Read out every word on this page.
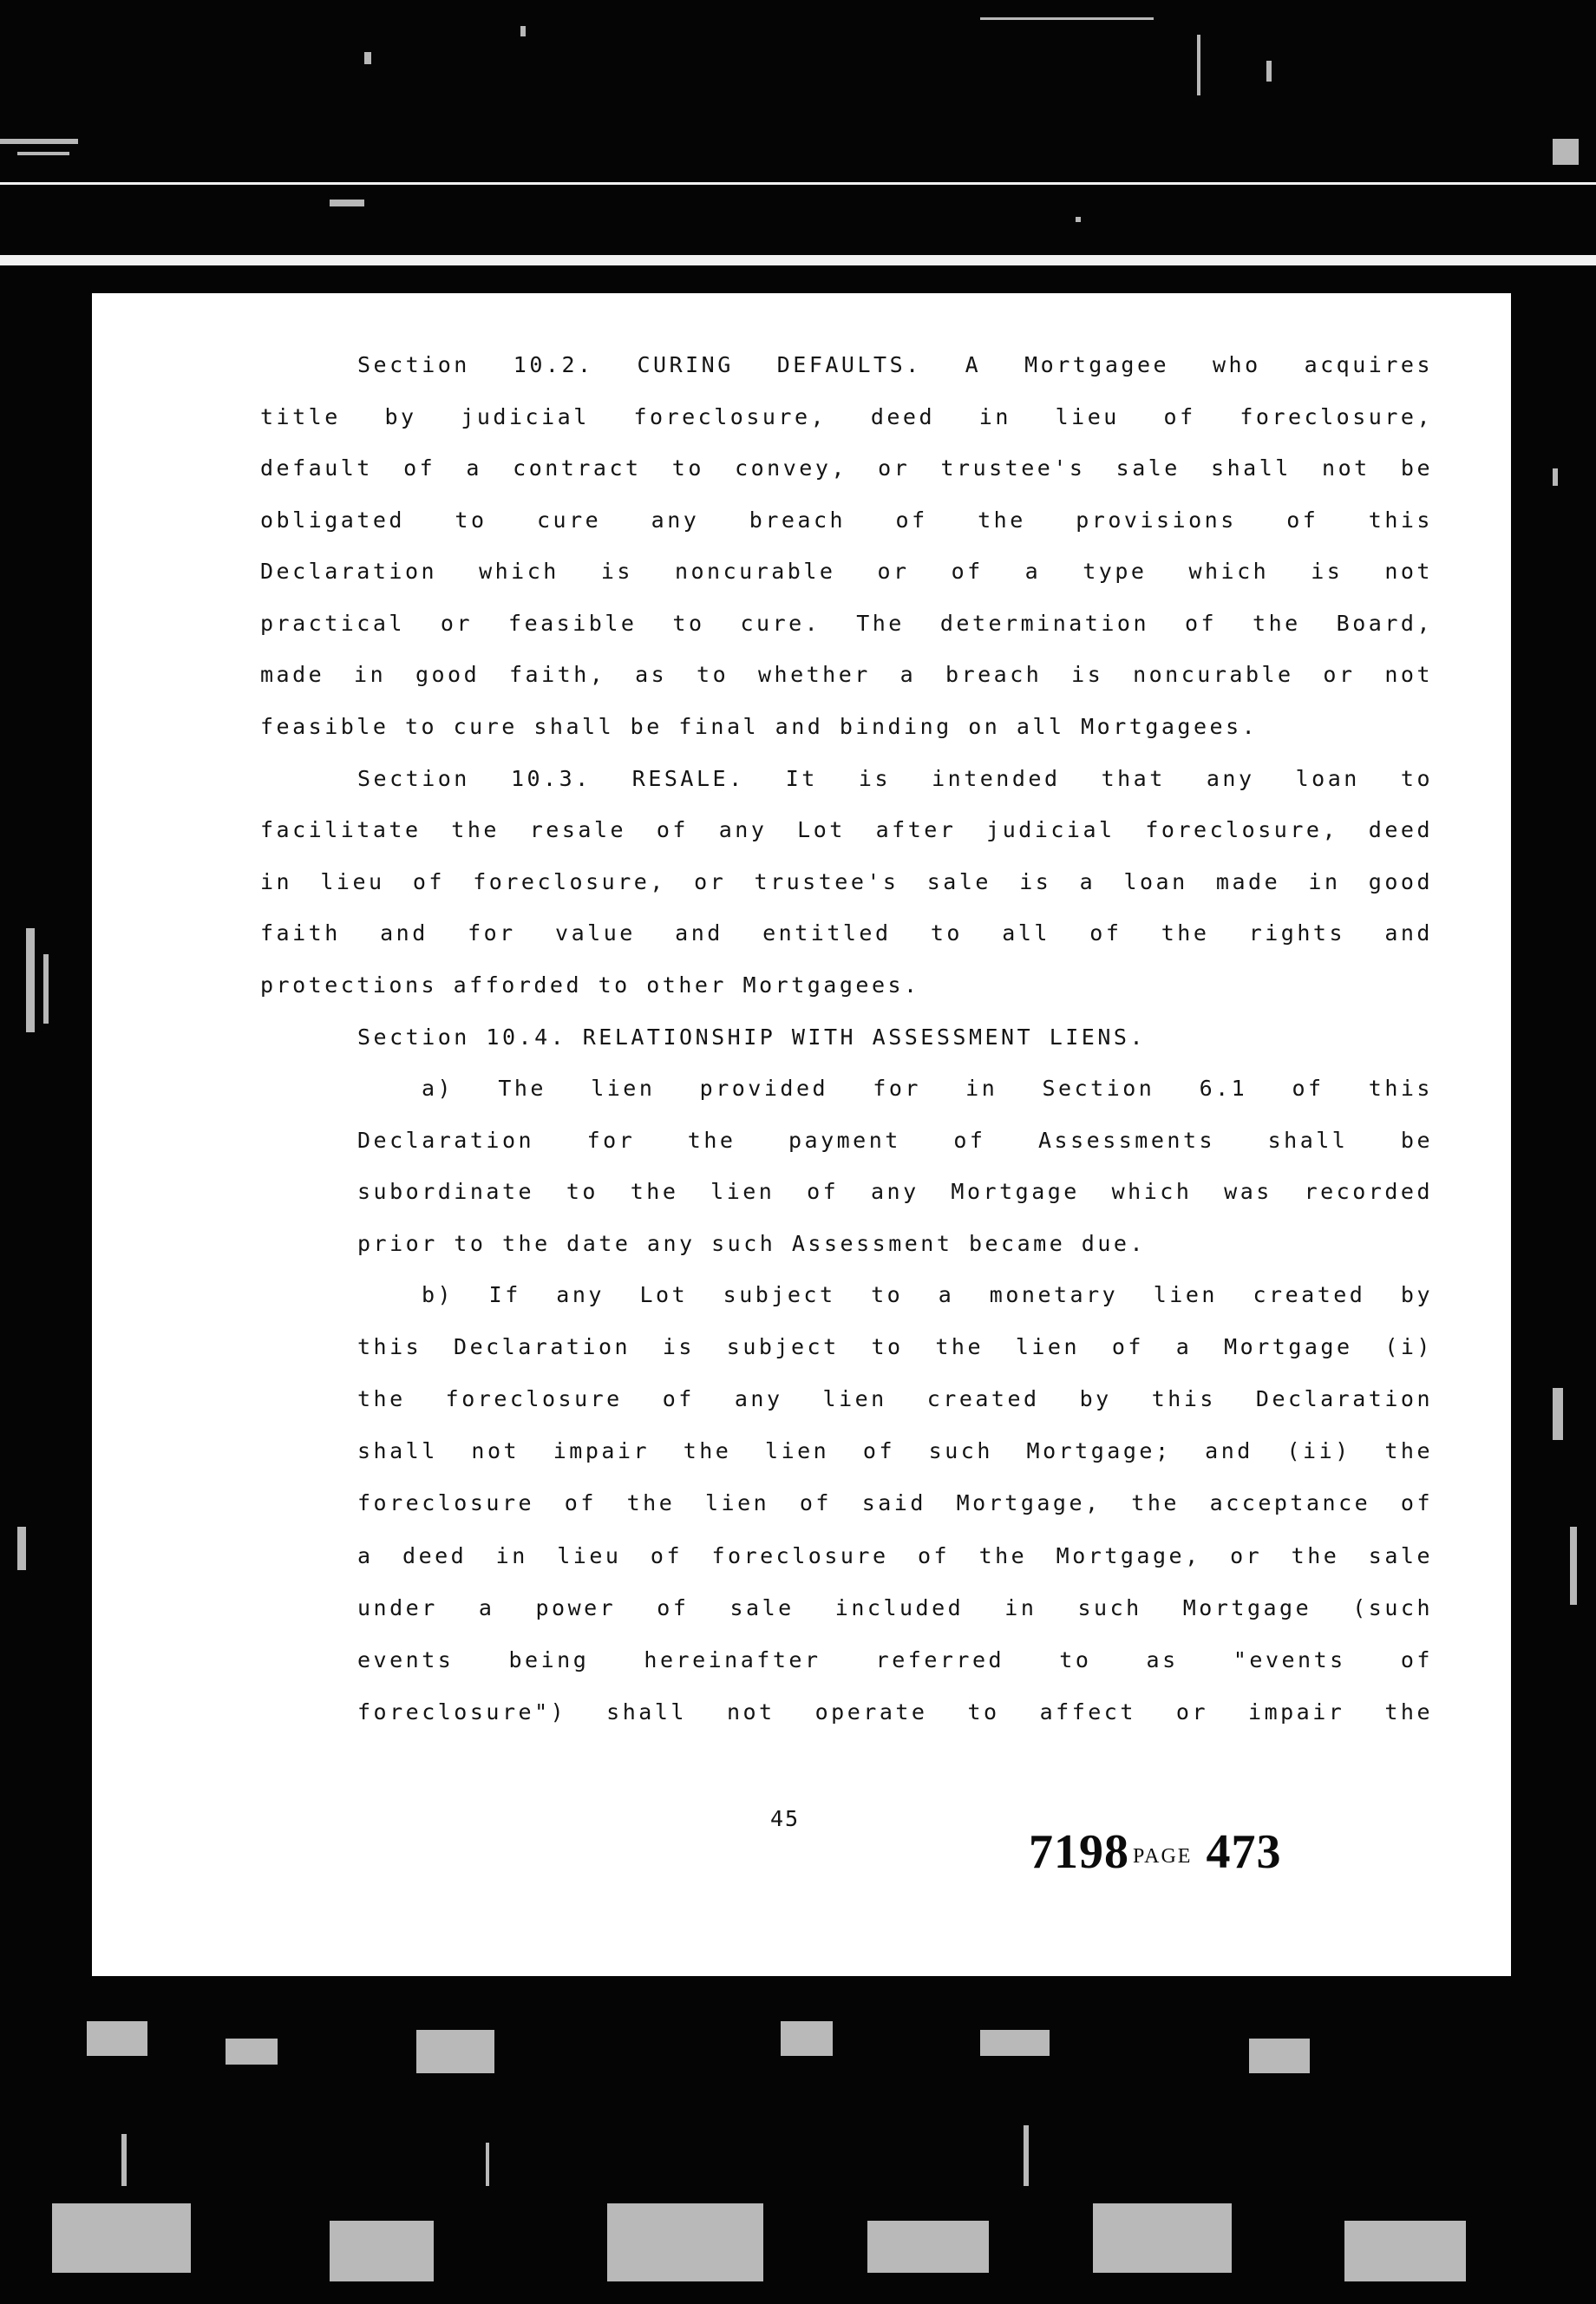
Section 10.2. CURING DEFAULTS. A Mortgagee who acquires
title by judicial foreclosure, deed in lieu of foreclosure,
default of a contract to convey, or trustee's sale shall not be
obligated to cure any breach of the provisions of this
Declaration which is noncurable or of a type which is not
practical or feasible to cure. The determination of the Board,
made in good faith, as to whether a breach is noncurable or not
feasible to cure shall be final and binding on all Mortgagees.
Section 10.3. RESALE. It is intended that any loan to
facilitate the resale of any Lot after judicial foreclosure, deed
in lieu of foreclosure, or trustee's sale is a loan made in good
faith and for value and entitled to all of the rights and
protections afforded to other Mortgagees.
Section 10.4. RELATIONSHIP WITH ASSESSMENT LIENS.
a) The lien provided for in Section 6.1 of this
Declaration for the payment of Assessments shall be
subordinate to the lien of any Mortgage which was recorded
prior to the date any such Assessment became due.
b) If any Lot subject to a monetary lien created by
this Declaration is subject to the lien of a Mortgage (i)
the foreclosure of any lien created by this Declaration
shall not impair the lien of such Mortgage; and (ii) the
foreclosure of the lien of said Mortgage, the acceptance of
a deed in lieu of foreclosure of the Mortgage, or the sale
under a power of sale included in such Mortgage (such
events being hereinafter referred to as "events of
foreclosure") shall not operate to affect or impair the
45
7198 PAGE 473
